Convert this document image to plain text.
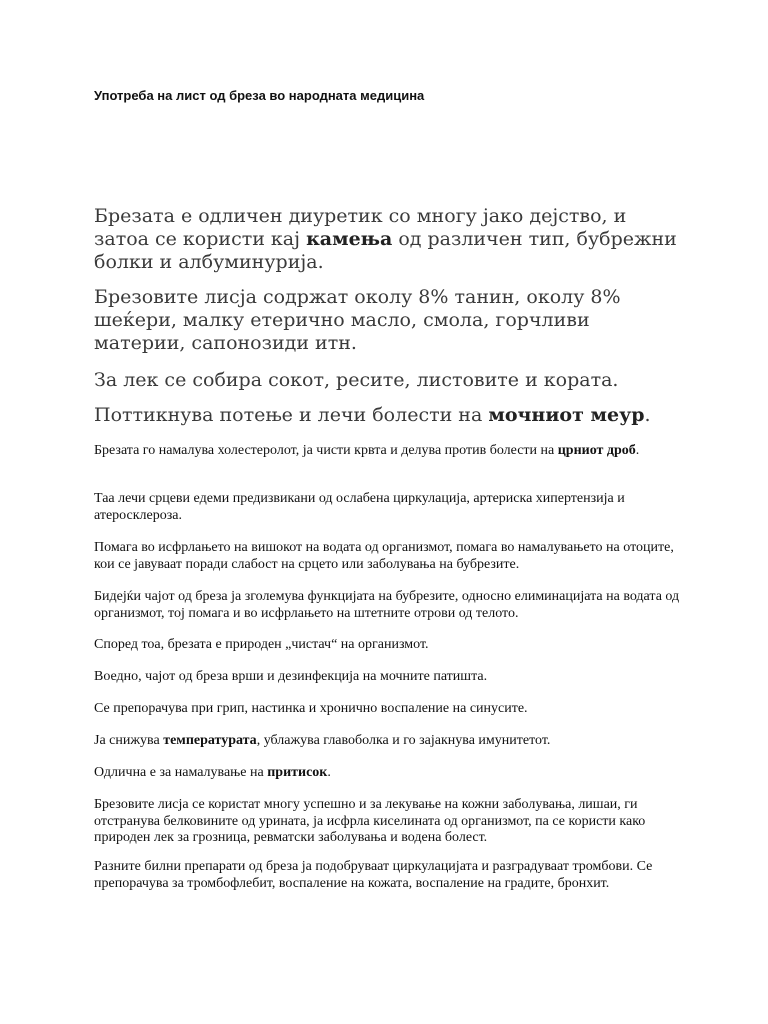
Употреба на лист од бреза во народната медицина

Брезата е одличен диуретик со многу јако дејство, и затоа се користи кај камења од различен тип, бубрежни болки и албуминурија.

Брезовите лисја содржат околу 8% танин, околу 8% шеќери, малку етерично масло, смола, горчливи материи, сапонозиди итн.

За лек се собира сокот, ресите, листовите и кората.

Поттикнува потење и лечи болести на мочниот меур.

Брезата го намалува холестеролот, ја чисти крвта и делува против болести на црниот дроб.

Таа лечи срцеви едеми предизвикани од ослабена циркулација, артериска хипертензија и атеросклероза.

Помага во исфрлањето на вишокот на водата од организмот, помага во намалувањето на отоците, кои се јавуваат поради слабост на срцето или заболувања на бубрезите.

Бидејќи чајот од бреза ја зголемува функцијата на бубрезите, односно елиминацијата на водата од организмот, тој помага и во исфрлањето на штетните отрови од телото.

Според тоа, брезата е природен „чистач“ на организмот.

Воедно, чајот од бреза врши и дезинфекција на мочните патишта.

Се препорачува при грип, настинка и хронично воспаление на синусите.

Ја снижува температурата, ублажува главоболка и го зајакнува имунитетот.

Одлична е за намалување на притисок.

Брезовите лисја се користат многу успешно и за лекување на кожни заболувања, лишаи, ги отстранува белковините од урината, ја исфрла киселината од организмот, па се користи како природен лек за грозница, ревматски заболувања и водена болест.

Разните билни препарати од бреза ја подобруваат циркулацијата и разградуваат тромбови. Се препорачува за тромбофлебит, воспаление на кожата, воспаление на градите, бронхит.
